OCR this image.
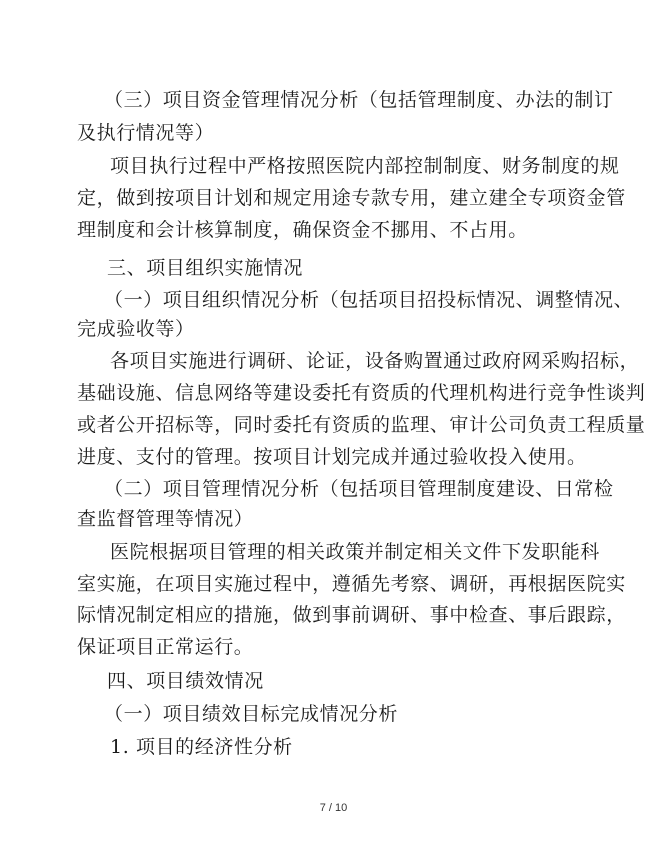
（三）项目资金管理情况分析（包括管理制度、办法的制订
及执行情况等）
项目执行过程中严格按照医院内部控制制度、财务制度的规
定，做到按项目计划和规定用途专款专用，建立建全专项资金管
理制度和会计核算制度，确保资金不挪用、不占用。
三、项目组织实施情况
（一）项目组织情况分析（包括项目招投标情况、调整情况、
完成验收等）
各项目实施进行调研、论证，设备购置通过政府网采购招标，
基础设施、信息网络等建设委托有资质的代理机构进行竞争性谈判
或者公开招标等，同时委托有资质的监理、审计公司负责工程质量
进度、支付的管理。按项目计划完成并通过验收投入使用。
（二）项目管理情况分析（包括项目管理制度建设、日常检
查监督管理等情况）
医院根据项目管理的相关政策并制定相关文件下发职能科
室实施，在项目实施过程中，遵循先考察、调研，再根据医院实
际情况制定相应的措施，做到事前调研、事中检查、事后跟踪，
保证项目正常运行。
四、项目绩效情况
（一）项目绩效目标完成情况分析
1. 项目的经济性分析
7 / 10
